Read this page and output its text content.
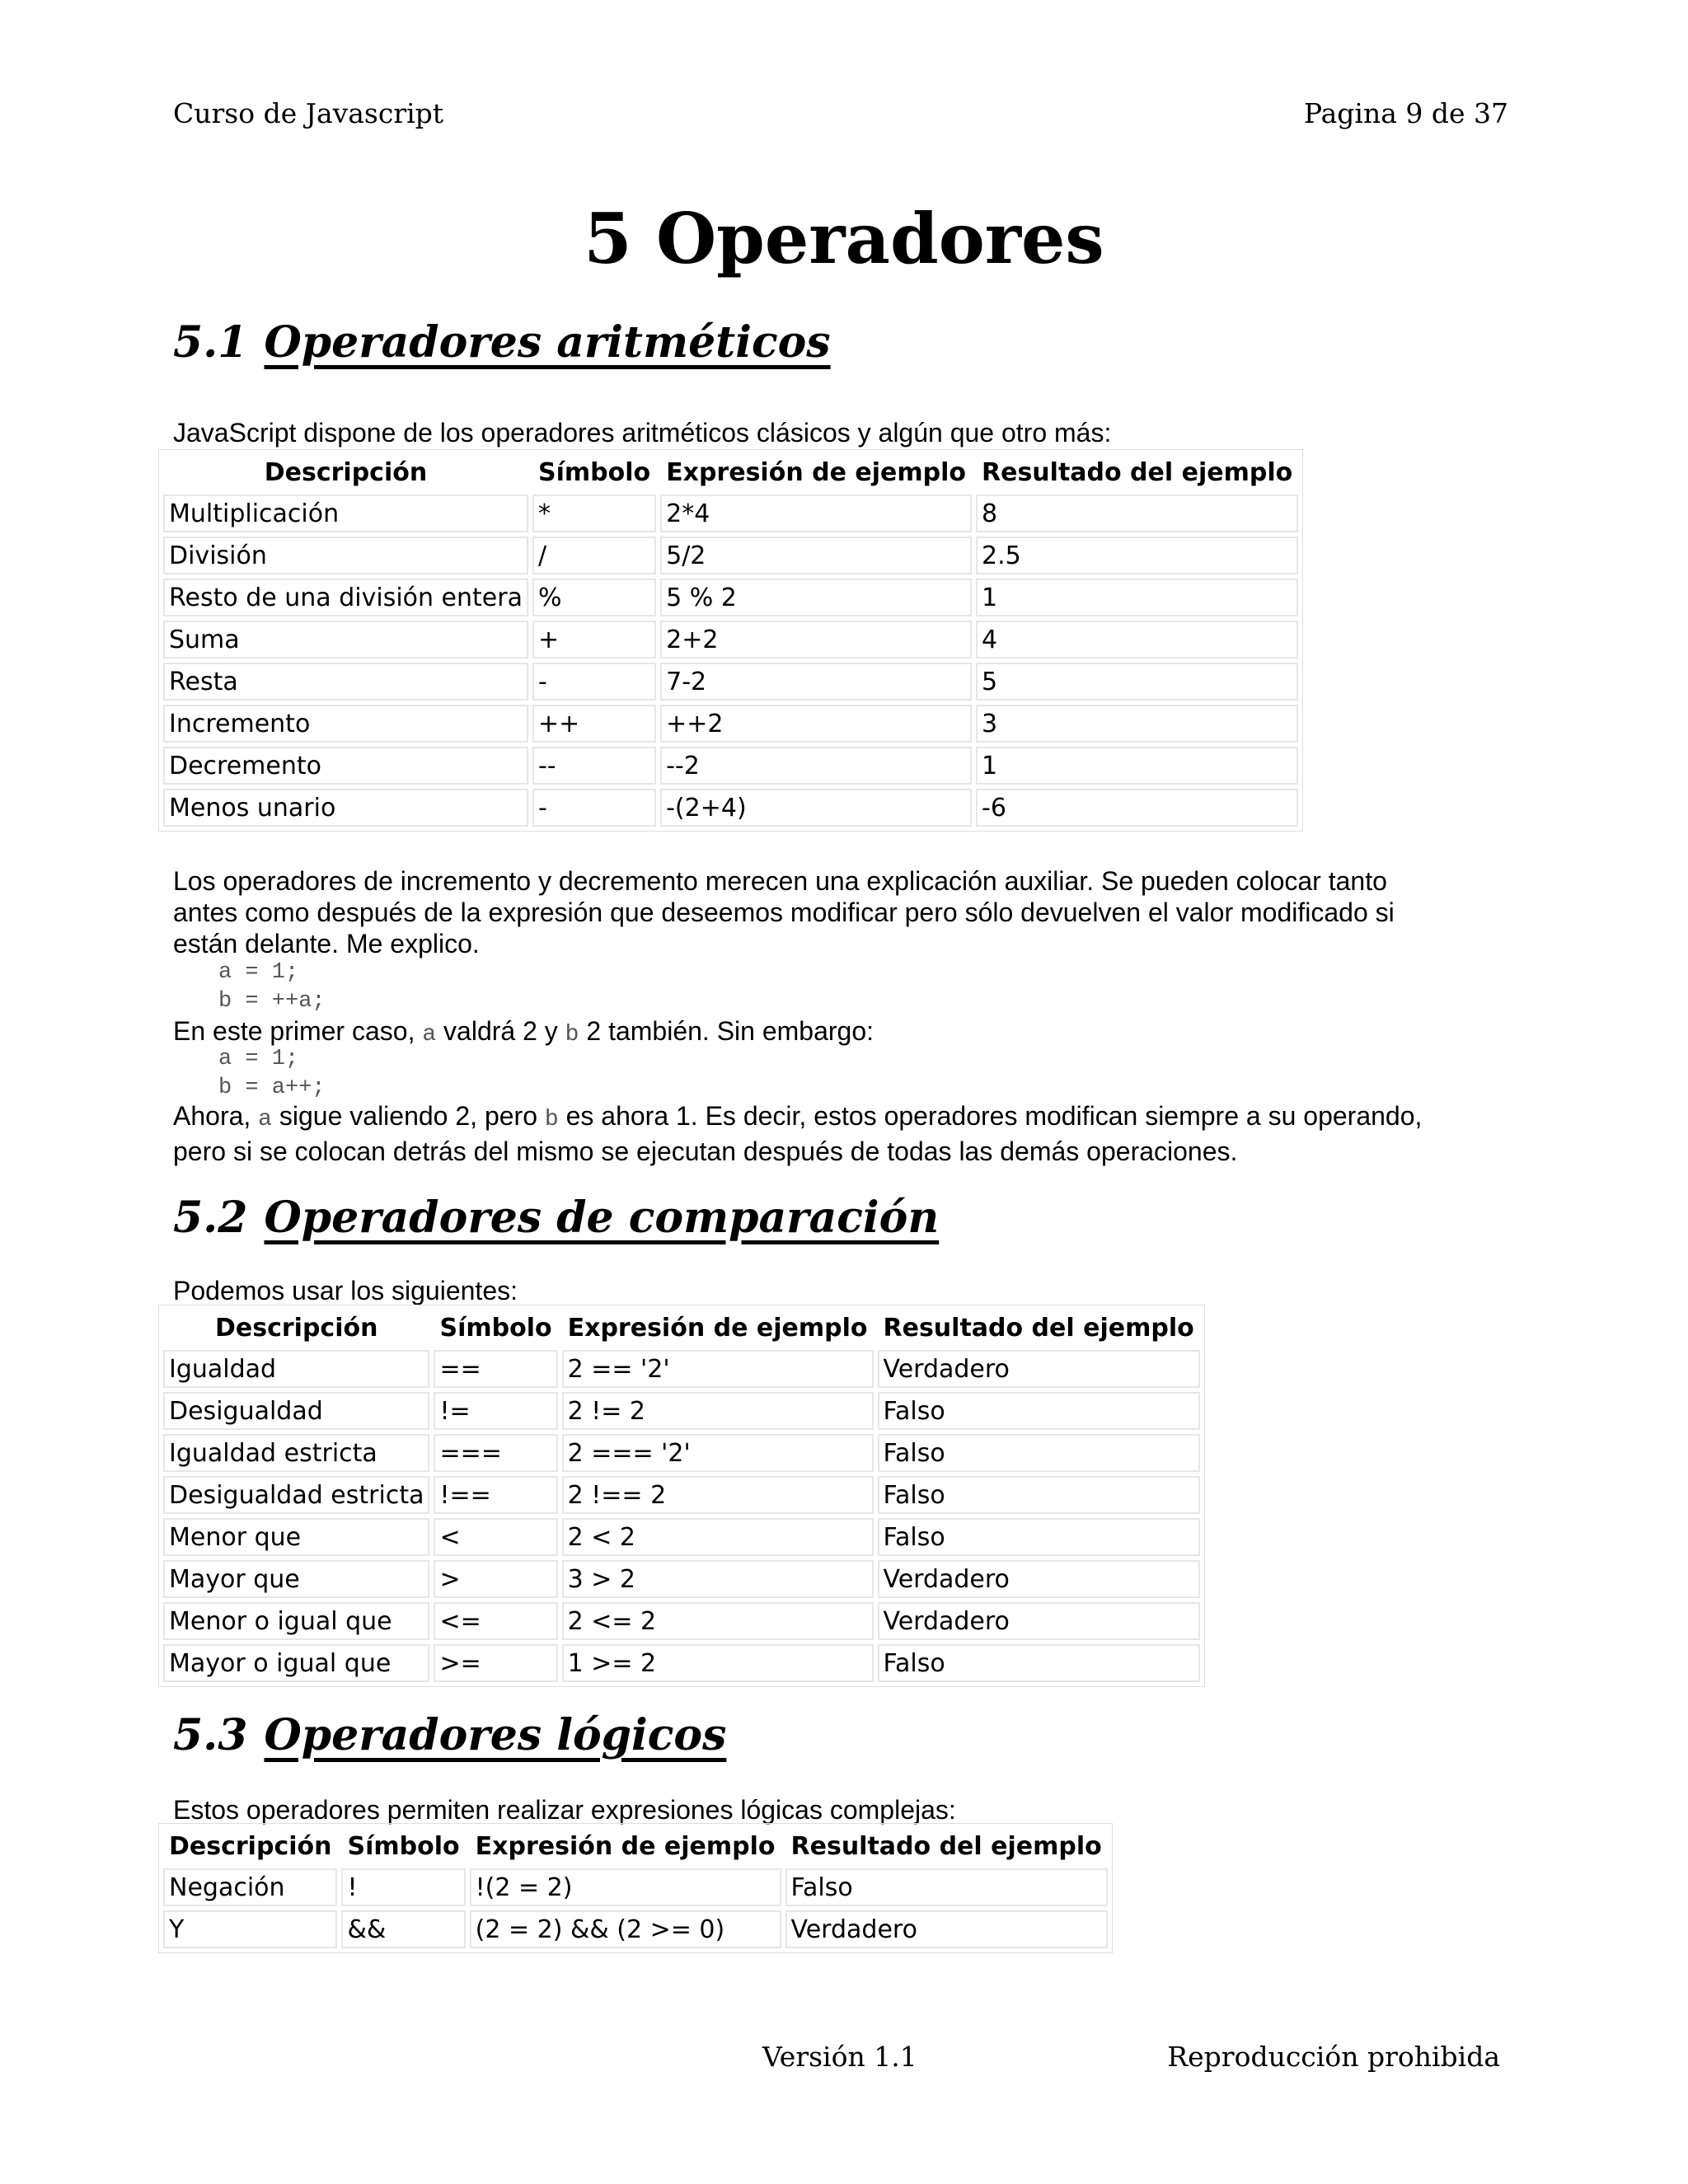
Curso de Javascript	Pagina 9 de 37
5 Operadores
5.1 Operadores aritméticos

JavaScript dispone de los operadores aritméticos clásicos y algún que otro más:

Descripción	Símbolo	Expresión de ejemplo	Resultado del ejemplo
Multiplicación	*	2*4	8
División	/	5/2	2.5
Resto de una división entera	%	5 % 2	1
Suma	+	2+2	4
Resta	-	7-2	5
Incremento	++	++2	3
Decremento	--	--2	1
Menos unario	-	-(2+4)	-6

Los operadores de incremento y decremento merecen una explicación auxiliar. Se pueden colocar tanto
antes como después de la expresión que deseemos modificar pero sólo devuelven el valor modificado si
están delante. Me explico.

a = 1;
b = ++a;

En este primer caso, a valdrá 2 y b 2 también. Sin embargo:

a = 1;
b = a++;

Ahora, a sigue valiendo 2, pero b es ahora 1. Es decir, estos operadores modifican siempre a su operando,
pero si se colocan detrás del mismo se ejecutan después de todas las demás operaciones.

5.2 Operadores de comparación

Podemos usar los siguientes:

Descripción	Símbolo	Expresión de ejemplo	Resultado del ejemplo
Igualdad	==	2 == '2'	Verdadero
Desigualdad	!=	2 != 2	Falso
Igualdad estricta	===	2 === '2'	Falso
Desigualdad estricta	!==	2 !== 2	Falso
Menor que	<	2 < 2	Falso
Mayor que	>	3 > 2	Verdadero
Menor o igual que	<=	2 <= 2	Verdadero
Mayor o igual que	>=	1 >= 2	Falso
5.3 Operadores lógicos

Estos operadores permiten realizar expresiones lógicas complejas:

Descripción	Símbolo	Expresión de ejemplo	Resultado del ejemplo
Negación	!	!(2 = 2)	Falso
Y	&&	(2 = 2) && (2 >= 0)	Verdadero
Versión 1.1	Reproducción prohibida
